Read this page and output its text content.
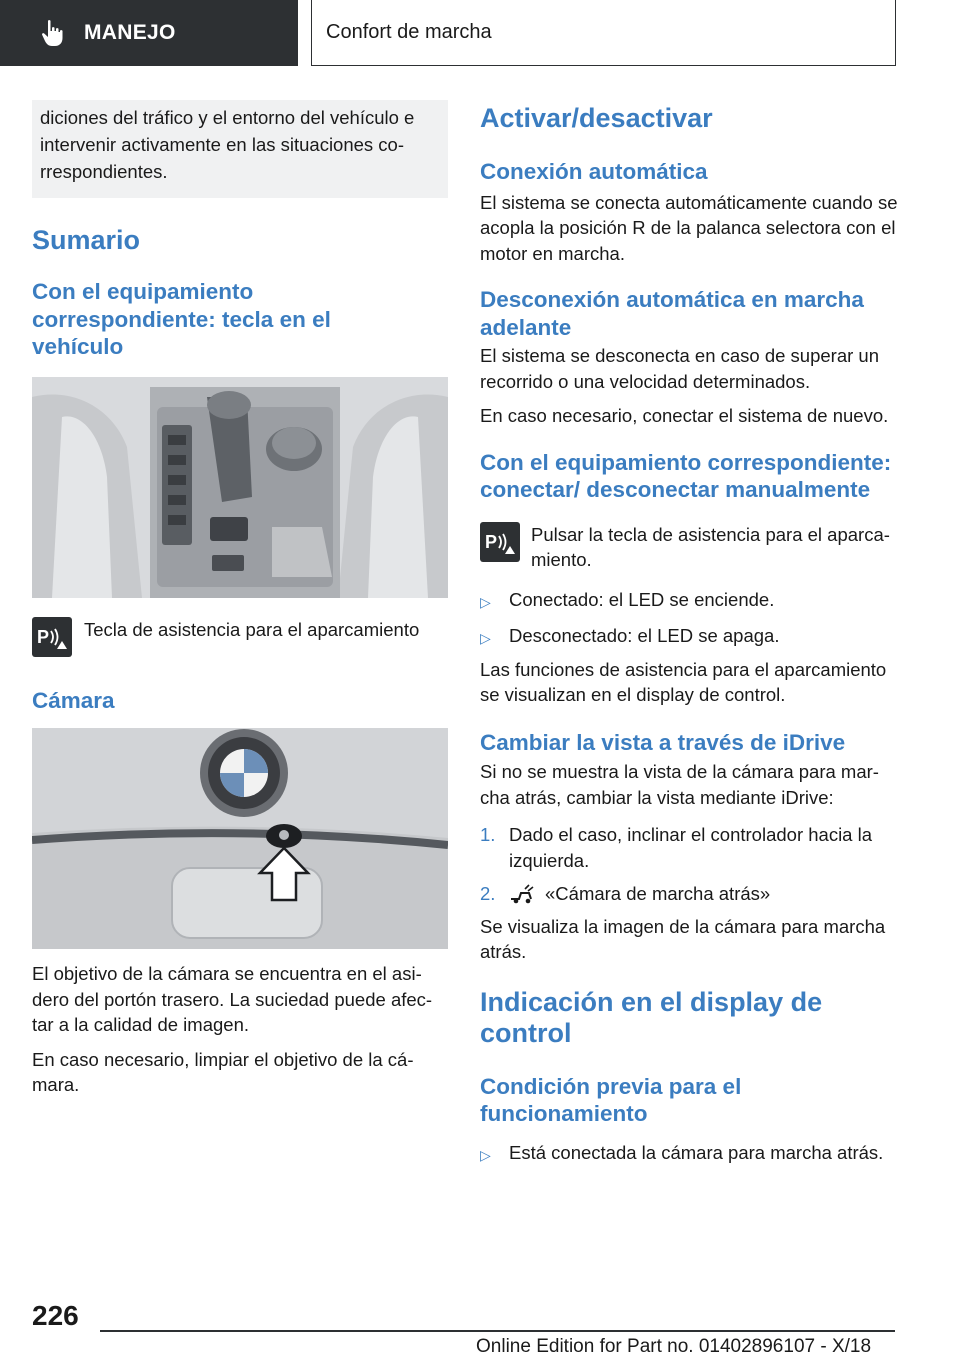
MANEJO	Confort de marcha

diciones del tráfico y el entorno del vehículo e intervenir activamente en las situaciones co-rrespondientes.

Sumario
Con el equipamiento correspondiente: tecla en el vehículo
P Tecla de asistencia para el aparcamiento

Cámara

El objetivo de la cámara se encuentra en el asi-dero del portón trasero. La suciedad puede afec-tar a la calidad de imagen.

En caso necesario, limpiar el objetivo de la cá-mara.

Activar/desactivar
Conexión automática

El sistema se conecta automáticamente cuando se acopla la posición R de la palanca selectora con el motor en marcha.

Desconexión automática en marcha adelante

El sistema se desconecta en caso de superar un recorrido o una velocidad determinados.

En caso necesario, conectar el sistema de nuevo.

Con el equipamiento correspondiente: conectar/ desconectar manualmente
P Pulsar la tecla de asistencia para el aparca-miento.

▷ Conectado: el LED se enciende.
▷ Desconectado: el LED se apaga.

Las funciones de asistencia para el aparcamiento se visualizan en el display de control.

Cambiar la vista a través de iDrive

Si no se muestra la vista de la cámara para mar-cha atrás, cambiar la vista mediante iDrive:

1. Dado el caso, inclinar el controlador hacia la izquierda.
2.	«Cámara de marcha atrás»

Se visualiza la imagen de la cámara para marcha atrás.

Indicación en el display de control
Condición previa para el funcionamiento
▷ Está conectada la cámara para marcha atrás.
226
Online Edition for Part no. 01402896107 - X/18
